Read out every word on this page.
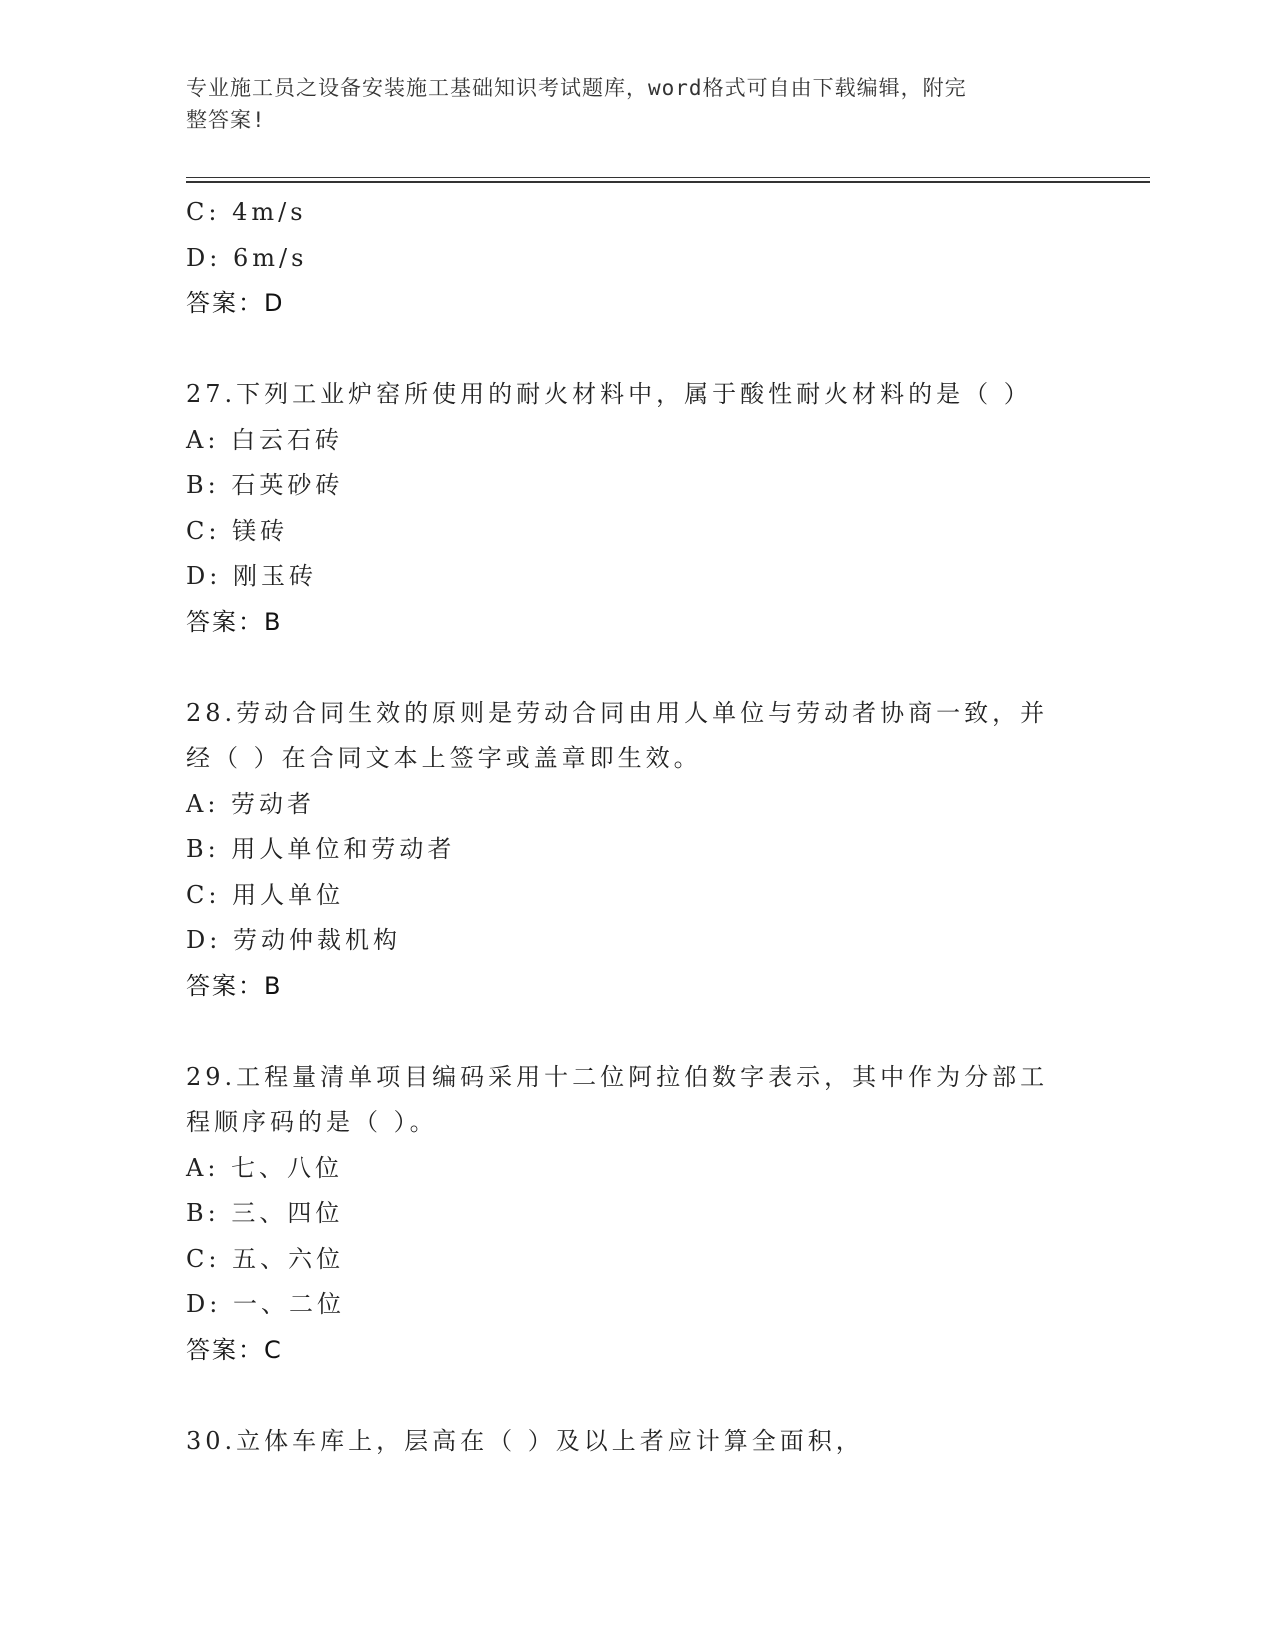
专业施工员之设备安装施工基础知识考试题库，word格式可自由下载编辑，附完
整答案!
C: 4m/s
D: 6m/s
答案：D
27.下列工业炉窑所使用的耐火材料中，属于酸性耐火材料的是（ ）
A: 白云石砖
B: 石英砂砖
C: 镁砖
D: 刚玉砖
答案：B
28.劳动合同生效的原则是劳动合同由用人单位与劳动者协商一致，并
经（ ）在合同文本上签字或盖章即生效。
A: 劳动者
B: 用人单位和劳动者
C: 用人单位
D: 劳动仲裁机构
答案：B
29.工程量清单项目编码采用十二位阿拉伯数字表示，其中作为分部工
程顺序码的是（ ）。
A: 七、八位
B: 三、四位
C: 五、六位
D: 一、二位
答案：C
30.立体车库上，层高在（ ）及以上者应计算全面积，
